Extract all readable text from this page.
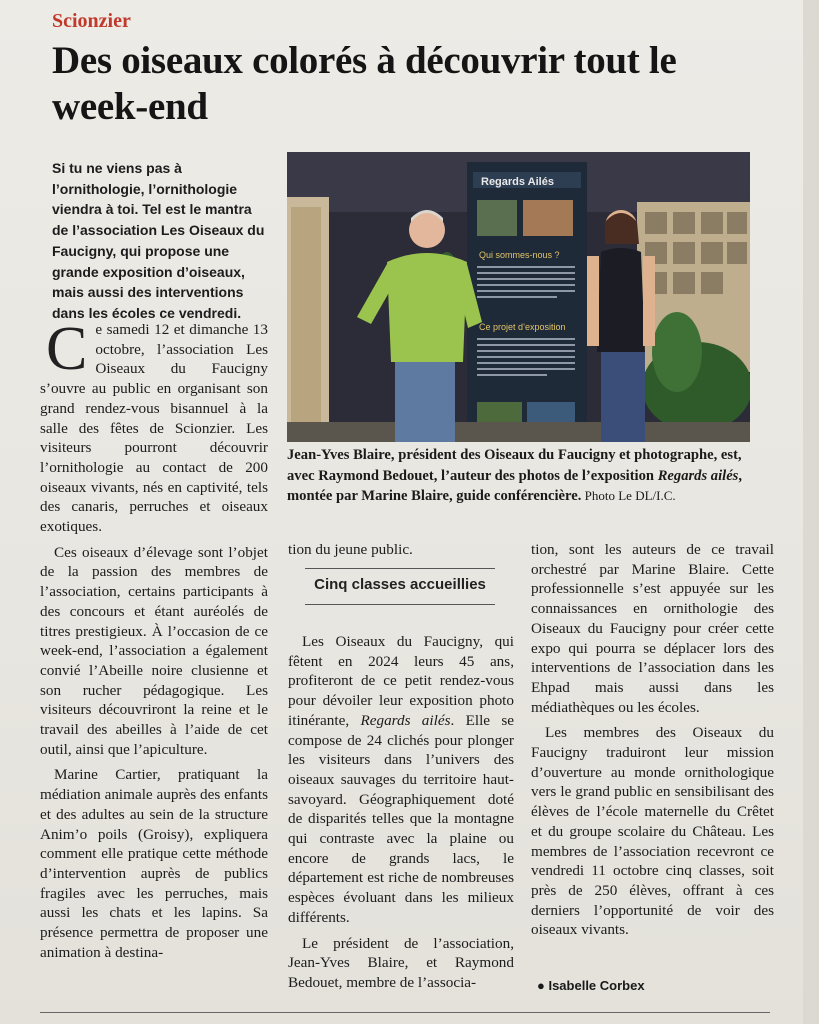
Scionzier
Des oiseaux colorés à découvrir tout le week-end
Si tu ne viens pas à l’ornithologie, l’ornithologie viendra à toi. Tel est le mantra de l’association Les Oiseaux du Faucigny, qui propose une grande exposition d’oiseaux, mais aussi des interventions dans les écoles ce vendredi.
Regards Ailés
Qui sommes-nous ?
Ce projet d’exposition
Jean-Yves Blaire, président des Oiseaux du Faucigny et photographe, est, avec Raymond Bedouet, l’auteur des photos de l’exposition Regards ailés, montée par Marine Blaire, guide conférencière. Photo Le DL/I.C.

Ce samedi 12 et dimanche 13 octobre, l’association Les Oiseaux du Faucigny s’ouvre au public en organisant son grand rendez-vous bisannuel à la salle des fêtes de Scionzier. Les visiteurs pourront découvrir l’ornithologie au contact de 200 oiseaux vivants, nés en captivité, tels des canaris, perruches et oiseaux exotiques.

Ces oiseaux d’élevage sont l’objet de la passion des membres de l’association, certains participants à des concours et étant auréolés de titres prestigieux. À l’occasion de ce week-end, l’association a également convié l’Abeille noire clusienne et son rucher pédagogique. Les visiteurs découvriront la reine et le travail des abeilles à l’aide de cet outil, ainsi que l’apiculture.

Marine Cartier, pratiquant la médiation animale auprès des enfants et des adultes au sein de la structure Anim’o poils (Groisy), expliquera comment elle pratique cette méthode d’intervention auprès de publics fragiles avec les perruches, mais aussi les chats et les lapins. Sa présence permettra de proposer une animation à destina-

tion du jeune public.

Cinq classes accueillies

Les Oiseaux du Faucigny, qui fêtent en 2024 leurs 45 ans, profiteront de ce petit rendez-vous pour dévoiler leur exposition photo itinérante, Regards ailés. Elle se compose de 24 clichés pour plonger les visiteurs dans l’univers des oiseaux sauvages du territoire haut-savoyard. Géographiquement doté de disparités telles que la montagne qui contraste avec la plaine ou encore de grands lacs, le département est riche de nombreuses espèces évoluant dans les milieux différents.

Le président de l’association, Jean-Yves Blaire, et Raymond Bedouet, membre de l’associa-

tion, sont les auteurs de ce travail orchestré par Marine Blaire. Cette professionnelle s’est appuyée sur les connaissances en ornithologie des Oiseaux du Faucigny pour créer cette expo qui pourra se déplacer lors des interventions de l’association dans les Ehpad mais aussi dans les médiathèques ou les écoles.

Les membres des Oiseaux du Faucigny traduiront leur mission d’ouverture au monde ornithologique vers le grand public en sensibilisant des élèves de l’école maternelle du Crêtet et du groupe scolaire du Château. Les membres de l’association recevront ce vendredi 11 octobre cinq classes, soit près de 250 élèves, offrant à ces derniers l’opportunité de voir des oiseaux vivants.

● Isabelle Corbex
